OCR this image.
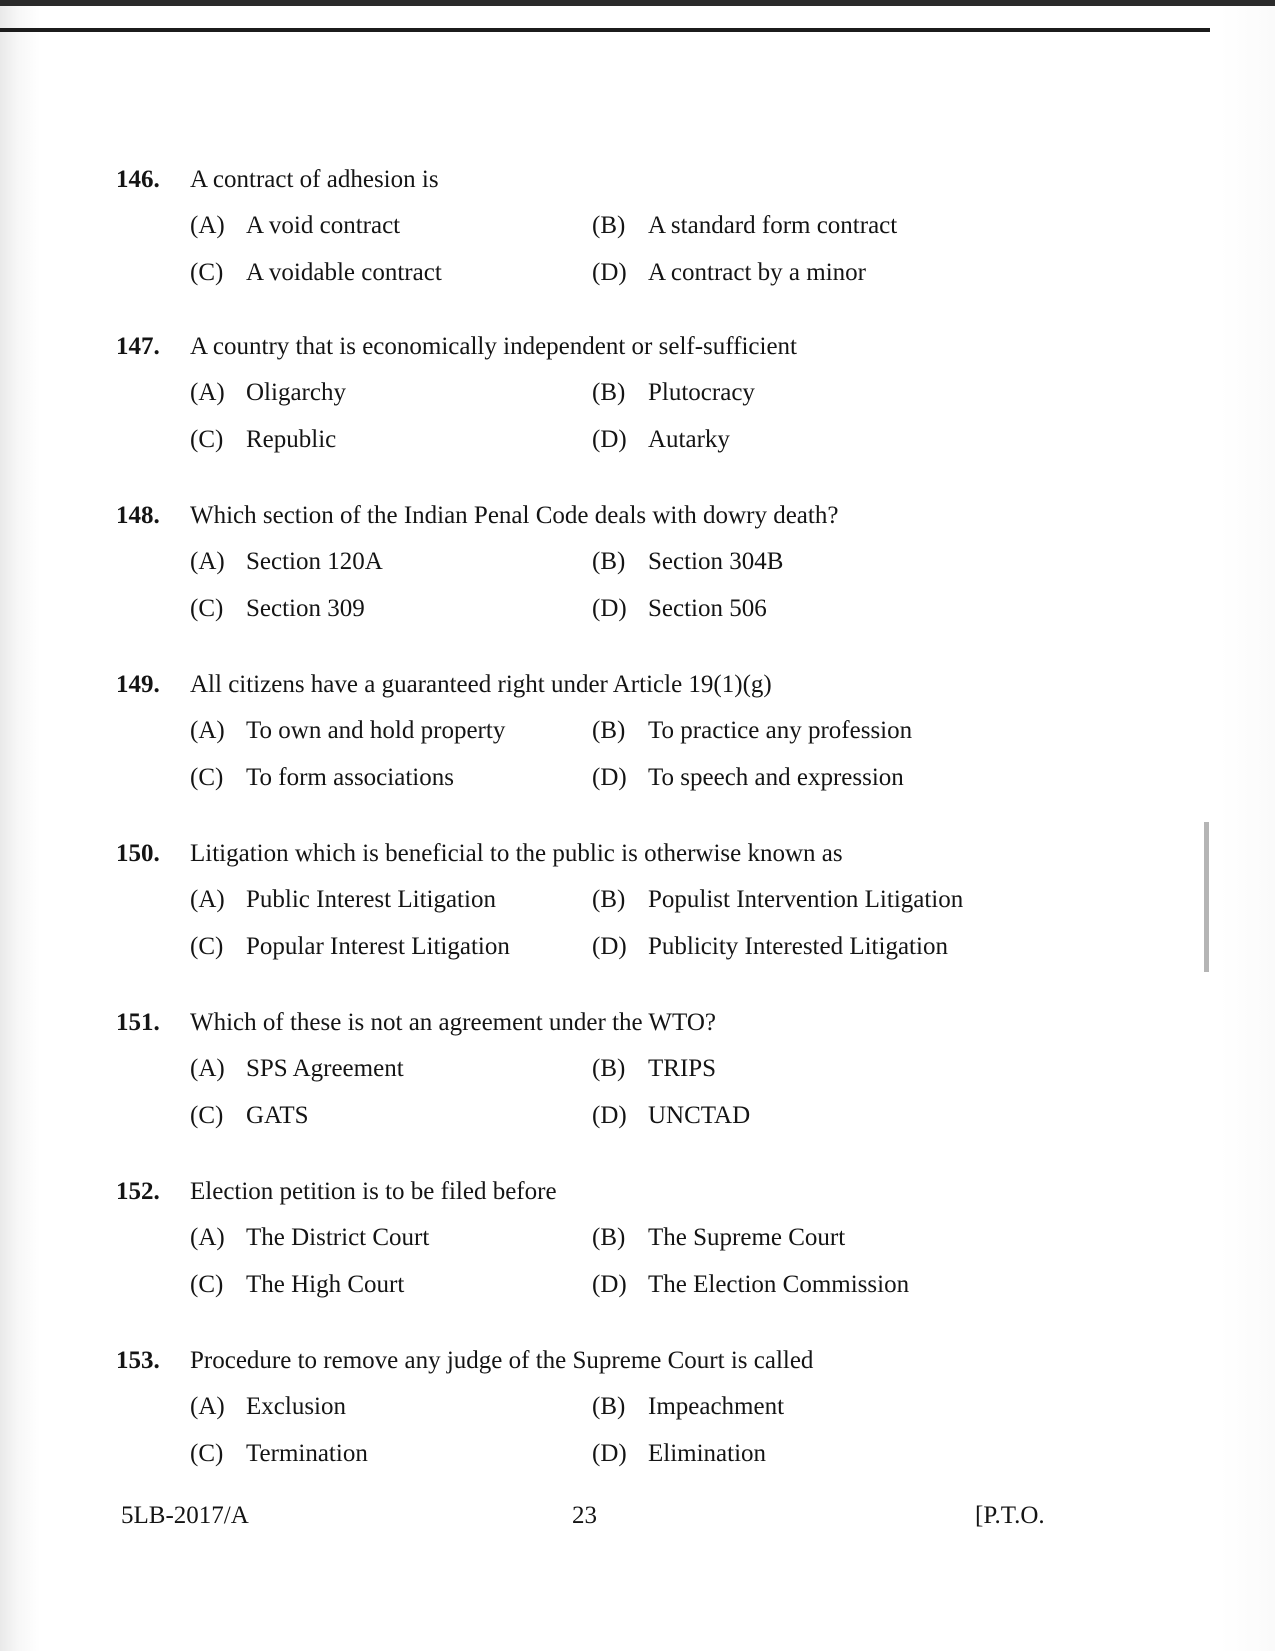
146. A contract of adhesion is
(A) A void contract	(B) A standard form contract
(C) A voidable contract	(D) A contract by a minor
147. A country that is economically independent or self-sufficient
(A) Oligarchy	(B) Plutocracy
(C) Republic	(D) Autarky
148. Which section of the Indian Penal Code deals with dowry death?
(A) Section 120A	(B) Section 304B
(C) Section 309	(D) Section 506
149. All citizens have a guaranteed right under Article 19(1)(g)
(A) To own and hold property	(B) To practice any profession
(C) To form associations	(D) To speech and expression
150. Litigation which is beneficial to the public is otherwise known as
(A) Public Interest Litigation	(B) Populist Intervention Litigation
(C) Popular Interest Litigation	(D) Publicity Interested Litigation
151. Which of these is not an agreement under the WTO?
(A) SPS Agreement	(B) TRIPS
(C) GATS	(D) UNCTAD
152. Election petition is to be filed before
(A) The District Court	(B) The Supreme Court
(C) The High Court	(D) The Election Commission
153. Procedure to remove any judge of the Supreme Court is called
(A) Exclusion	(B) Impeachment
(C) Termination	(D) Elimination
5LB-2017/A	23	[P.T.O.
